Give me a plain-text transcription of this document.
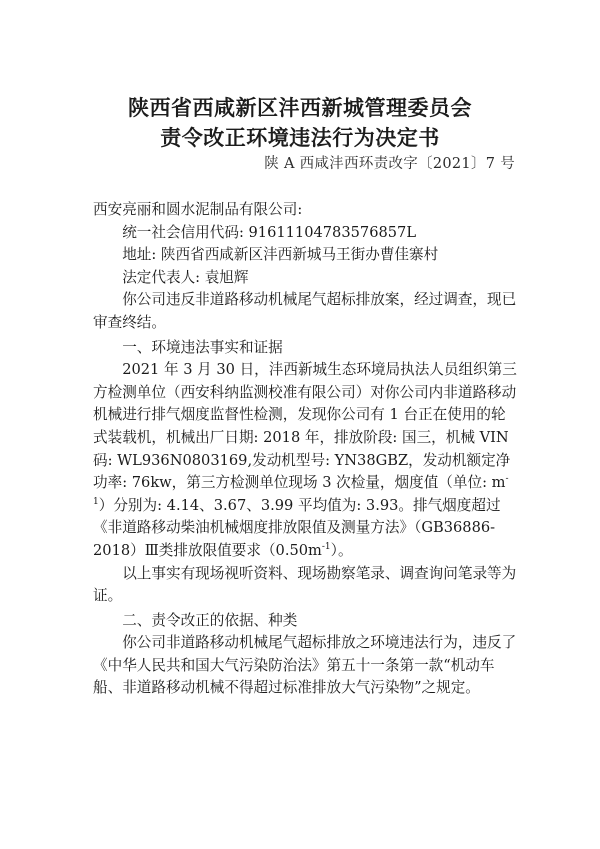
陕西省西咸新区沣西新城管理委员会
责令改正环境违法行为决定书
陕 A 西咸沣西环责改字〔2021〕7 号

西安亮丽和圆水泥制品有限公司:

统一社会信用代码: 91611104783576857L

地址: 陕西省西咸新区沣西新城马王街办曹佳寨村

法定代表人: 袁旭辉

你公司违反非道路移动机械尾气超标排放案，经过调查，现已审查终结。

一、环境违法事实和证据

2021 年 3 月 30 日，沣西新城生态环境局执法人员组织第三方检测单位（西安科纳监测校准有限公司）对你公司内非道路移动机械进行排气烟度监督性检测，发现你公司有 1 台正在使用的轮式装载机，机械出厂日期: 2018 年，排放阶段: 国三，机械 VIN 码: WL936N0803169,发动机型号: YN38GBZ，发动机额定净功率: 76kw，第三方检测单位现场 3 次检量，烟度值（单位: $m^{-1}$）分别为: 4.14、3.67、3.99 平均值为: 3.93。排气烟度超过《非道路移动柴油机械烟度排放限值及测量方法》（GB36886-2018）Ⅲ类排放限值要求$(0.50m^{-1})$。

以上事实有现场视听资料、现场勘察笔录、调查询问笔录等为证。

二、责令改正的依据、种类

你公司非道路移动机械尾气超标排放之环境违法行为，违反了《中华人民共和国大气污染防治法》第五十一条第一款“机动车船、非道路移动机械不得超过标准排放大气污染物”之规定。
